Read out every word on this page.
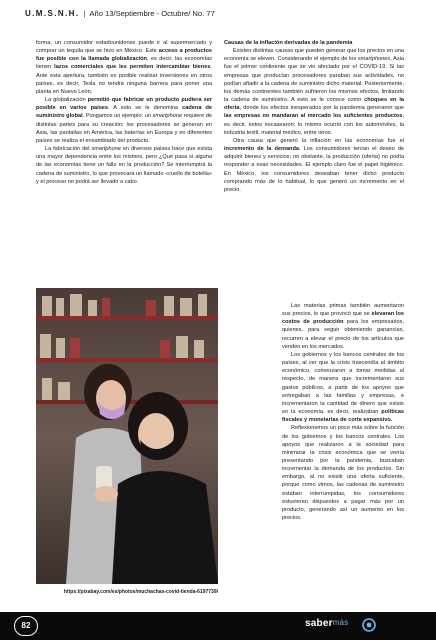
U.M.S.N.H. | Año 13/Septiembre - Octubre/ No. 77

forma, un consumidor estadounidense puede ir al supermercado y comprar un tequila que se hizo en México. Este acceso a productos fue posible con la llamada globalización, es decir, las economías tienen lazos comerciales que les permiten intercambiar bienes. Ante esta apertura, también es posible realizar inversiones en otros países, es decir, Tesla no tendrá ninguna barrera para poner una planta en Nuevo León.

La globalización permitió que fabricar un producto pudiera ser posible en varios países. A esto se le denomina cadena de suministro global. Pongamos un ejemplo: un smartphone requiere de distintas partes para su creación: los procesadores se generan en Asia, las pantallas en América, las baterías en Europa y en diferentes países se realiza el ensamblado del producto.

La fabricación del smartphone en diversos países hace que exista una mayor dependencia entre los mismos, pero ¿Qué pasa si alguna de las economías tiene un fallo en la producción? Se interrumpirá la cadena de suministro, lo que provocará un llamado «cuello de botella» y el proceso no podrá ser llevado a cabo.

Causas de la inflación derivadas de la pandemia

Existen distintas causas que pueden generar que los precios en una economía se eleven. Considerando el ejemplo de los smartphones, Asia fue el primer continente que se vio afectado por el COVID-19. Si las empresas que producían procesadores paraban sus actividades, no podían añadir a la cadena de suministro dicho material. Posteriormente, los demás continentes también sufrieron los mismos efectos, limitando la cadena de suministro. A esto se le conoce como choques en la oferta, donde los efectos inesperados por la pandemia generaron que las empresas no mandaran al mercado los suficientes productos, es decir, estos escasearon; lo mismo ocurrió con los automóviles, la industria textil, material médico, entre otros.

Otra causa que generó la inflación en las economías fue el incremento de la demanda. Los consumidores tenían el deseo de adquirir bienes y servicios; no obstante, la producción (oferta) no podía responder a esas necesidades. El ejemplo claro fue el papel higiénico. En México, los consumidores deseaban tener dicho producto comprando más de lo habitual, lo que generó un incremento en el precio.

Las materias primas también aumentaron sus precios, lo que provocó que se elevaran los costos de producción para los empresarios, quienes, para seguir obteniendo ganancias, recurren a elevar el precio de los artículos que venden en los mercados.

Los gobiernos y los bancos centrales de los países, al ver que la crisis trascendía al ámbito económico, comenzaron a tomar medidas al respecto, de manera que incrementaron sus gastos públicos, a partir de los apoyos que entregaban a las familias y empresas, e incrementaron la cantidad de dinero que existe en la economía, es decir, realizaban políticas fiscales y monetarias de corte expansivo.

Reflexionemos un poco más sobre la función de los gobiernos y los bancos centrales. Los apoyos que realizaron a la sociedad para minimizar la crisis económica que se venía presentando por la pandemia, buscaban incrementar la demanda de los productos. Sin embargo, al no existir una oferta suficiente, porque como vimos, las cadenas de suministro estaban interrumpidas, los consumidores estuvieran dispuestos a pagar más por un producto, generando así un aumento en los precios.

https://pixabay.com/es/photos/muchachas-covid-tienda-6197739/
82	sabermás
